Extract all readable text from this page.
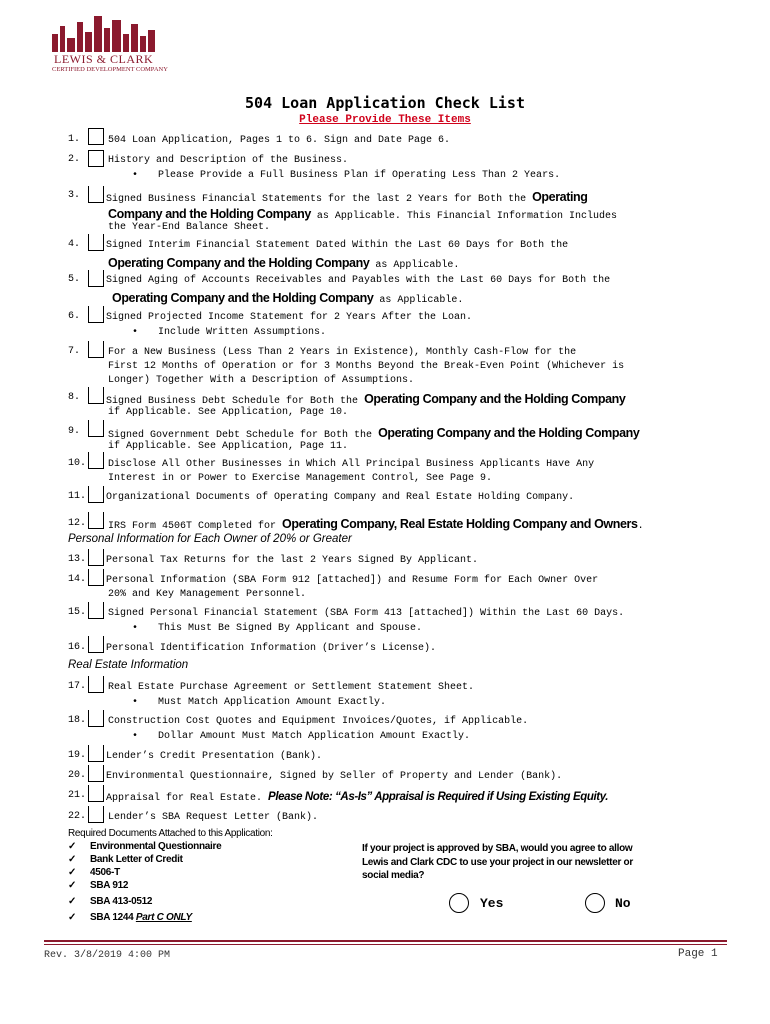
LEWIS & CLARK
CERTIFIED DEVELOPMENT COMPANY
504 Loan Application Check List
Please Provide These Items
1.	504 Loan Application, Pages 1 to 6. Sign and Date Page 6.
2.	History and Description of the Business.
• Please Provide a Full Business Plan if Operating Less Than 2 Years.
3.	Signed Business Financial Statements for the last 2 Years for Both the Operating
Company and the Holding Company as Applicable. This Financial Information Includes
the Year-End Balance Sheet.
4.	Signed Interim Financial Statement Dated Within the Last 60 Days for Both the
Operating Company and the Holding Company as Applicable.
5.	Signed Aging of Accounts Receivables and Payables with the Last 60 Days for Both the
Operating Company and the Holding Company as Applicable.
6.	Signed Projected Income Statement for 2 Years After the Loan.
• Include Written Assumptions.
7.	For a New Business (Less Than 2 Years in Existence), Monthly Cash-Flow for the
First 12 Months of Operation or for 3 Months Beyond the Break-Even Point (Whichever is
Longer) Together With a Description of Assumptions.
8.	Signed Business Debt Schedule for Both the Operating Company and the Holding Company
if Applicable. See Application, Page 10.
9.	Signed Government Debt Schedule for Both the Operating Company and the Holding Company
if Applicable. See Application, Page 11.
10. Disclose All Other Businesses in Which All Principal Business Applicants Have Any
Interest in or Power to Exercise Management Control, See Page 9.
11. Organizational Documents of Operating Company and Real Estate Holding Company.
12. IRS Form 4506T Completed for Operating Company, Real Estate Holding Company and Owners.
Personal Information for Each Owner of 20% or Greater
13. Personal Tax Returns for the last 2 Years Signed By Applicant.
14. Personal Information (SBA Form 912 [attached]) and Resume Form for Each Owner Over
20% and Key Management Personnel.
15. Signed Personal Financial Statement (SBA Form 413 [attached]) Within the Last 60 Days.
• This Must Be Signed By Applicant and Spouse.
16. Personal Identification Information (Driver’s License).
Real Estate Information
17. Real Estate Purchase Agreement or Settlement Statement Sheet.
• Must Match Application Amount Exactly.
18. Construction Cost Quotes and Equipment Invoices/Quotes, if Applicable.
• Dollar Amount Must Match Application Amount Exactly.
19. Lender’s Credit Presentation (Bank).
20. Environmental Questionnaire, Signed by Seller of Property and Lender (Bank).
21. Appraisal for Real Estate. Please Note: “As-Is” Appraisal is Required if Using Existing Equity.
22. Lender’s SBA Request Letter (Bank).
Required Documents Attached to this Application:
✓ Environmental Questionnaire
✓ Bank Letter of Credit
✓ 4506-T
✓ SBA 912
✓ SBA 413-0512
✓ SBA 1244 Part C ONLY
If your project is approved by SBA, would you agree to allow Lewis and Clark CDC to use your project in our newsletter or social media?
Yes	No
Rev. 3/8/2019 4:00 PM	Page 1
